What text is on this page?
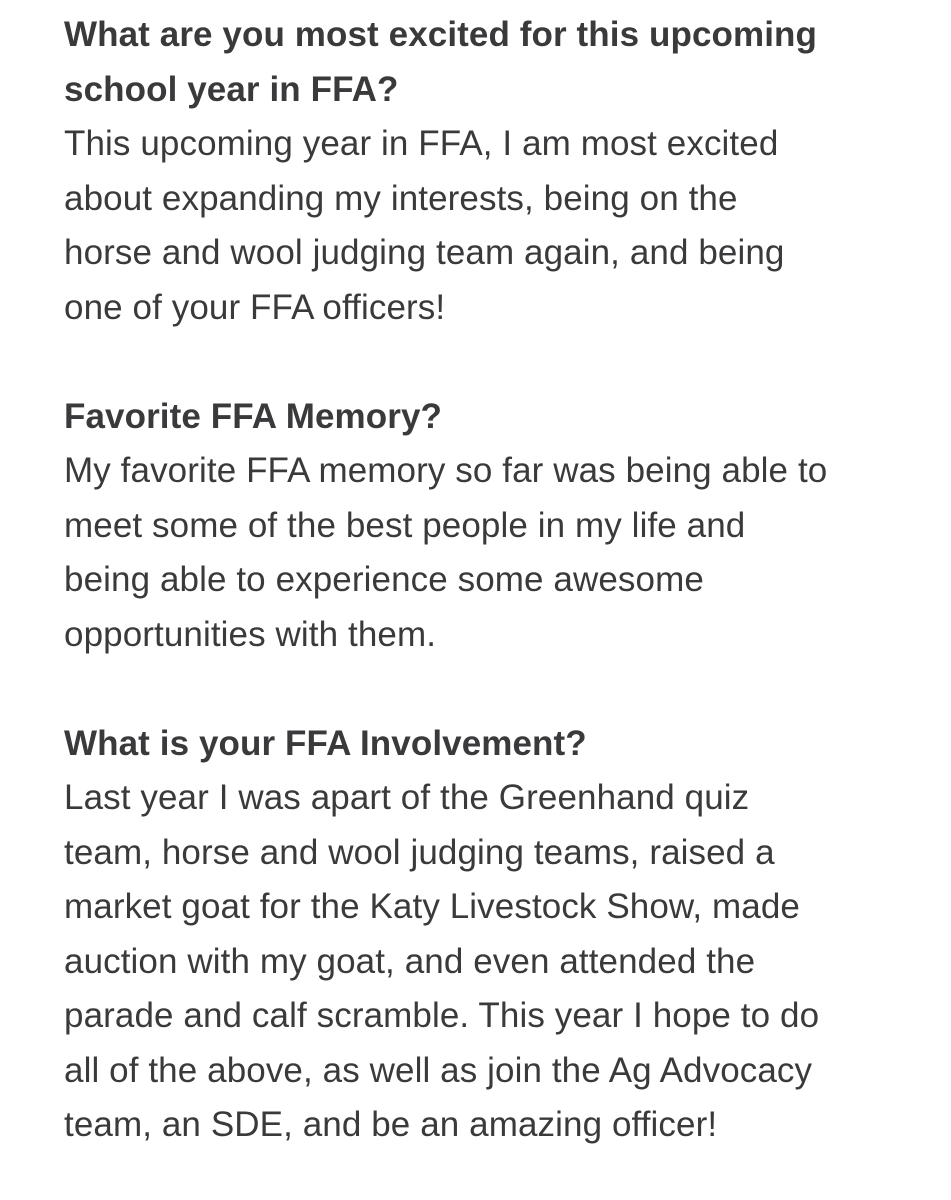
What are you most excited for this upcoming
school year in FFA?

This upcoming year in FFA, I am most excited
about expanding my interests, being on the
horse and wool judging team again, and being
one of your FFA officers!

Favorite FFA Memory?

My favorite FFA memory so far was being able to
meet some of the best people in my life and
being able to experience some awesome
opportunities with them.

What is your FFA Involvement?

Last year I was apart of the Greenhand quiz
team, horse and wool judging teams, raised a
market goat for the Katy Livestock Show, made
auction with my goat, and even attended the
parade and calf scramble. This year I hope to do
all of the above, as well as join the Ag Advocacy
team, an SDE, and be an amazing officer!
